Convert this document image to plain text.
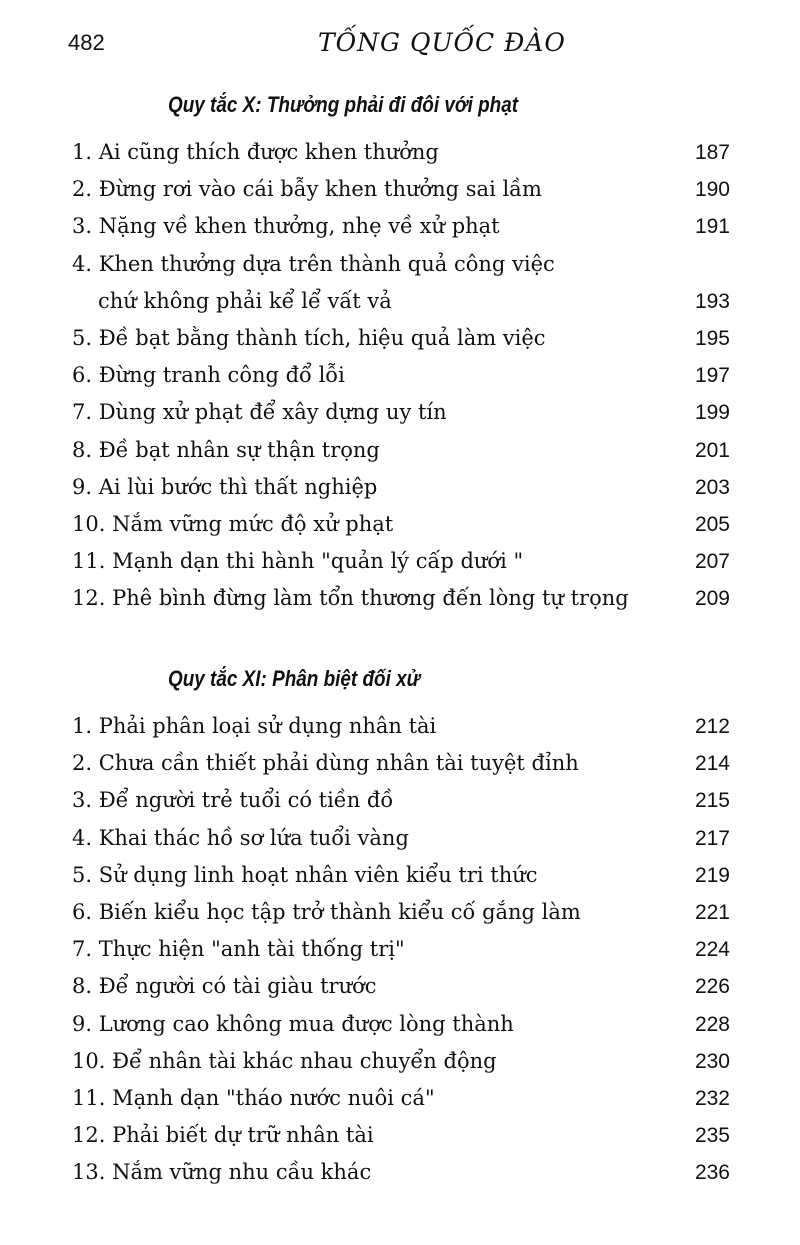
482	TỐNG QUỐC ĐÀO
Quy tắc X: Thưởng phải đi đôi với phạt
1. Ai cũng thích được khen thưởng	187
2. Đừng rơi vào cái bẫy khen thưởng sai lầm	190
3. Nặng về khen thưởng, nhẹ về xử phạt	191
4. Khen thưởng dựa trên thành quả công việc
chứ không phải kể lể vất vả	193
5. Đề bạt bằng thành tích, hiệu quả làm việc	195
6. Đừng tranh công đổ lỗi	197
7. Dùng xử phạt để xây dựng uy tín	199
8. Đề bạt nhân sự thận trọng	201
9. Ai lùi bước thì thất nghiệp	203
10. Nắm vững mức độ xử phạt	205
11. Mạnh dạn thi hành "quản lý cấp dưới "	207
12. Phê bình đừng làm tổn thương đến lòng tự trọng	209
Quy tắc XI: Phân biệt đối xử
1. Phải phân loại sử dụng nhân tài	212
2. Chưa cần thiết phải dùng nhân tài tuyệt đỉnh	214
3. Để người trẻ tuổi có tiền đồ	215
4. Khai thác hồ sơ lứa tuổi vàng	217
5. Sử dụng linh hoạt nhân viên kiểu tri thức	219
6. Biến kiểu học tập trở thành kiểu cố gắng làm	221
7. Thực hiện "anh tài thống trị"	224
8. Để người có tài giàu trước	226
9. Lương cao không mua được lòng thành	228
10. Để nhân tài khác nhau chuyển động	230
11. Mạnh dạn "tháo nước nuôi cá"	232
12. Phải biết dự trữ nhân tài	235
13. Nắm vững nhu cầu khác	236
